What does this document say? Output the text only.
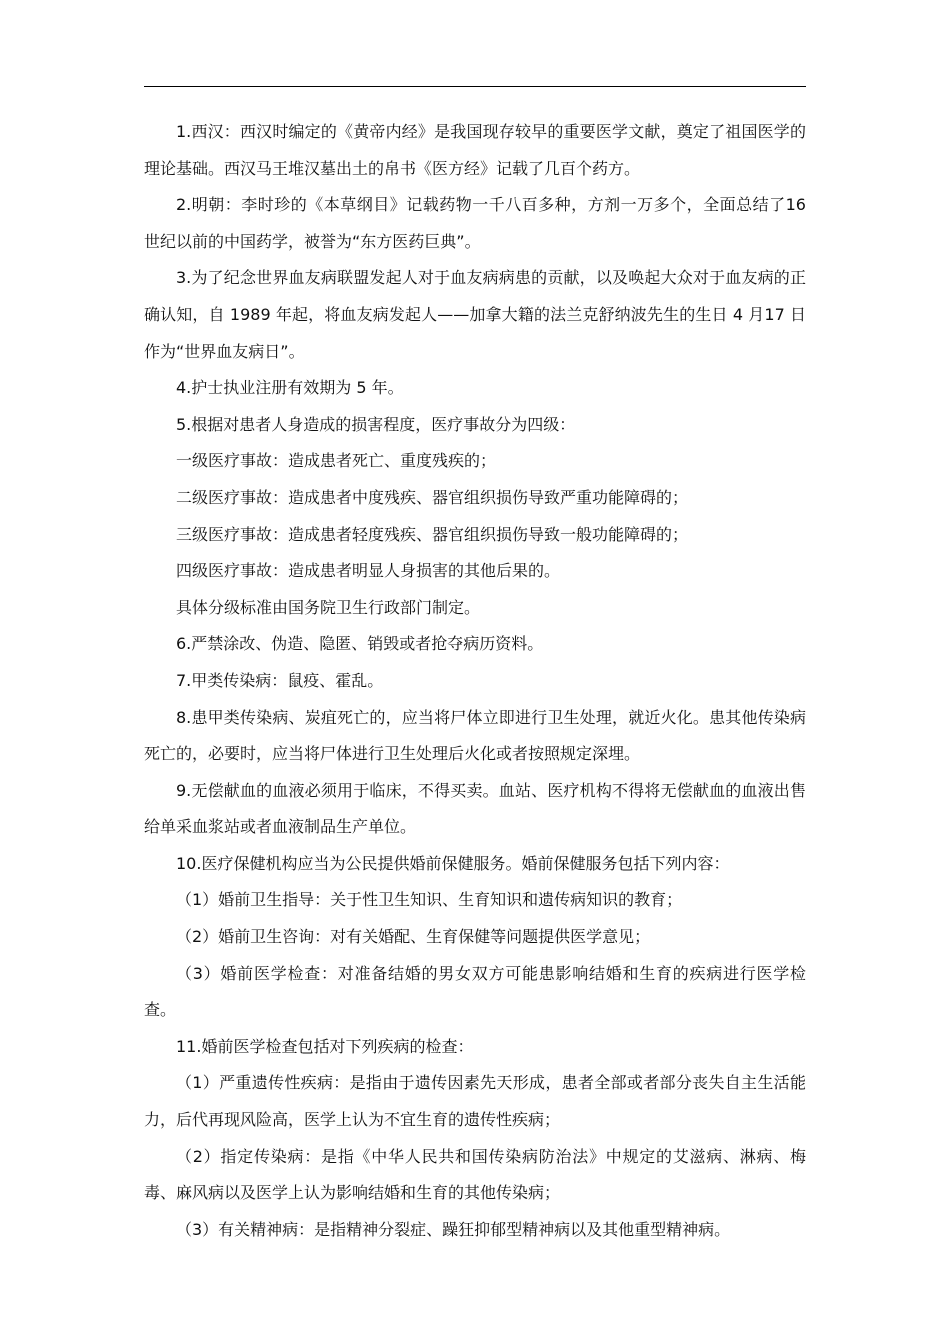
1.西汉：西汉时编定的《黄帝内经》是我国现存较早的重要医学文献，奠定了祖国医学的理论基础。西汉马王堆汉墓出土的帛书《医方经》记载了几百个药方。

2.明朝：李时珍的《本草纲目》记载药物一千八百多种，方剂一万多个，全面总结了16 世纪以前的中国药学，被誉为“东方医药巨典”。

3.为了纪念世界血友病联盟发起人对于血友病病患的贡献，以及唤起大众对于血友病的正确认知，自 1989 年起，将血友病发起人——加拿大籍的法兰克舒纳波先生的生日 4 月17 日作为“世界血友病日”。

4.护士执业注册有效期为 5 年。

5.根据对患者人身造成的损害程度，医疗事故分为四级：

一级医疗事故：造成患者死亡、重度残疾的；

二级医疗事故：造成患者中度残疾、器官组织损伤导致严重功能障碍的；

三级医疗事故：造成患者轻度残疾、器官组织损伤导致一般功能障碍的；

四级医疗事故：造成患者明显人身损害的其他后果的。

具体分级标准由国务院卫生行政部门制定。

6.严禁涂改、伪造、隐匿、销毁或者抢夺病历资料。

7.甲类传染病：鼠疫、霍乱。

8.患甲类传染病、炭疽死亡的，应当将尸体立即进行卫生处理，就近火化。患其他传染病死亡的，必要时，应当将尸体进行卫生处理后火化或者按照规定深埋。

9.无偿献血的血液必须用于临床，不得买卖。血站、医疗机构不得将无偿献血的血液出售给单采血浆站或者血液制品生产单位。

10.医疗保健机构应当为公民提供婚前保健服务。婚前保健服务包括下列内容：

（1）婚前卫生指导：关于性卫生知识、生育知识和遗传病知识的教育；

（2）婚前卫生咨询：对有关婚配、生育保健等问题提供医学意见；

（3）婚前医学检查：对准备结婚的男女双方可能患影响结婚和生育的疾病进行医学检查。

11.婚前医学检查包括对下列疾病的检查：

（1）严重遗传性疾病：是指由于遗传因素先天形成，患者全部或者部分丧失自主生活能力，后代再现风险高，医学上认为不宜生育的遗传性疾病；

（2）指定传染病：是指《中华人民共和国传染病防治法》中规定的艾滋病、淋病、梅毒、麻风病以及医学上认为影响结婚和生育的其他传染病；

（3）有关精神病：是指精神分裂症、躁狂抑郁型精神病以及其他重型精神病。
